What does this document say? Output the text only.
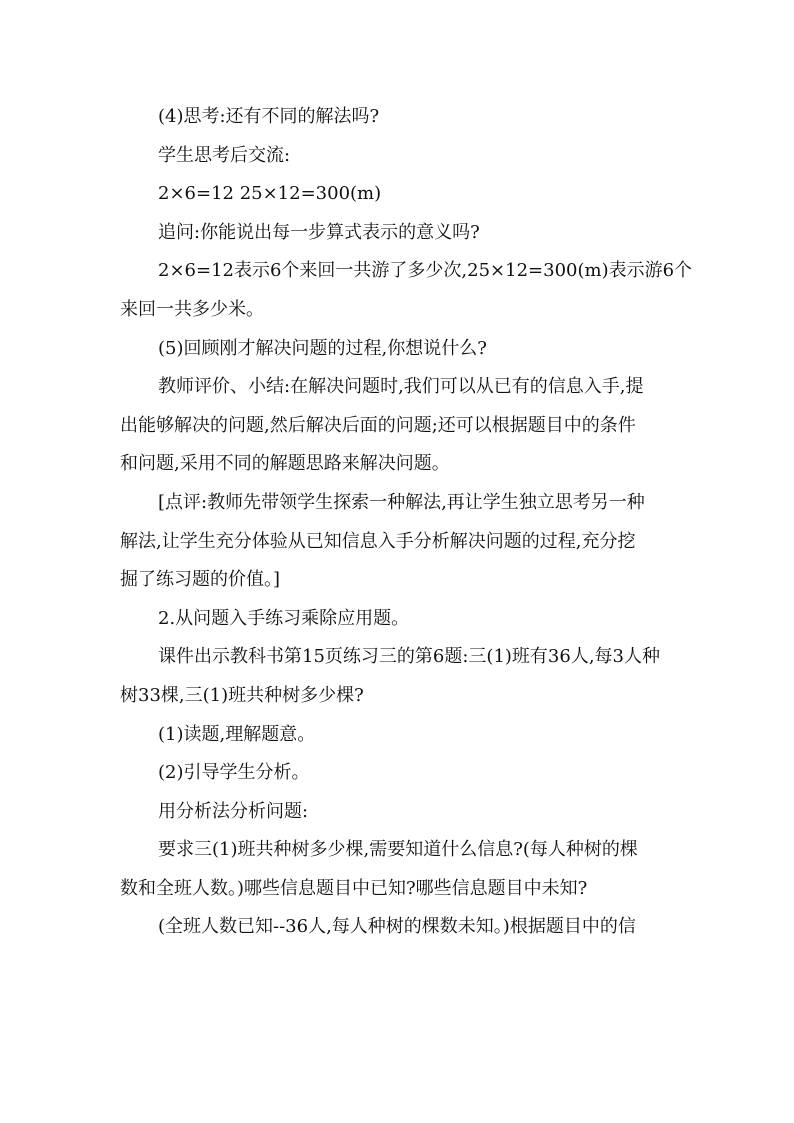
(4)思考:还有不同的解法吗?

学生思考后交流:

2×6=12 25×12=300(m)

追问:你能说出每一步算式表示的意义吗?

2×6=12表示6个来回一共游了多少次,25×12=300(m)表示游6个

来回一共多少米。

(5)回顾刚才解决问题的过程,你想说什么?

教师评价、小结:在解决问题时,我们可以从已有的信息入手,提

出能够解决的问题,然后解决后面的问题;还可以根据题目中的条件

和问题,采用不同的解题思路来解决问题。

[点评:教师先带领学生探索一种解法,再让学生独立思考另一种

解法,让学生充分体验从已知信息入手分析解决问题的过程,充分挖

掘了练习题的价值。]

2.从问题入手练习乘除应用题。

课件出示教科书第15页练习三的第6题:三(1)班有36人,每3人种

树33棵,三(1)班共种树多少棵?

(1)读题,理解题意。

(2)引导学生分析。

用分析法分析问题:

要求三(1)班共种树多少棵,需要知道什么信息?(每人种树的棵

数和全班人数。)哪些信息题目中已知?哪些信息题目中未知?

(全班人数已知--36人,每人种树的棵数未知。)根据题目中的信
